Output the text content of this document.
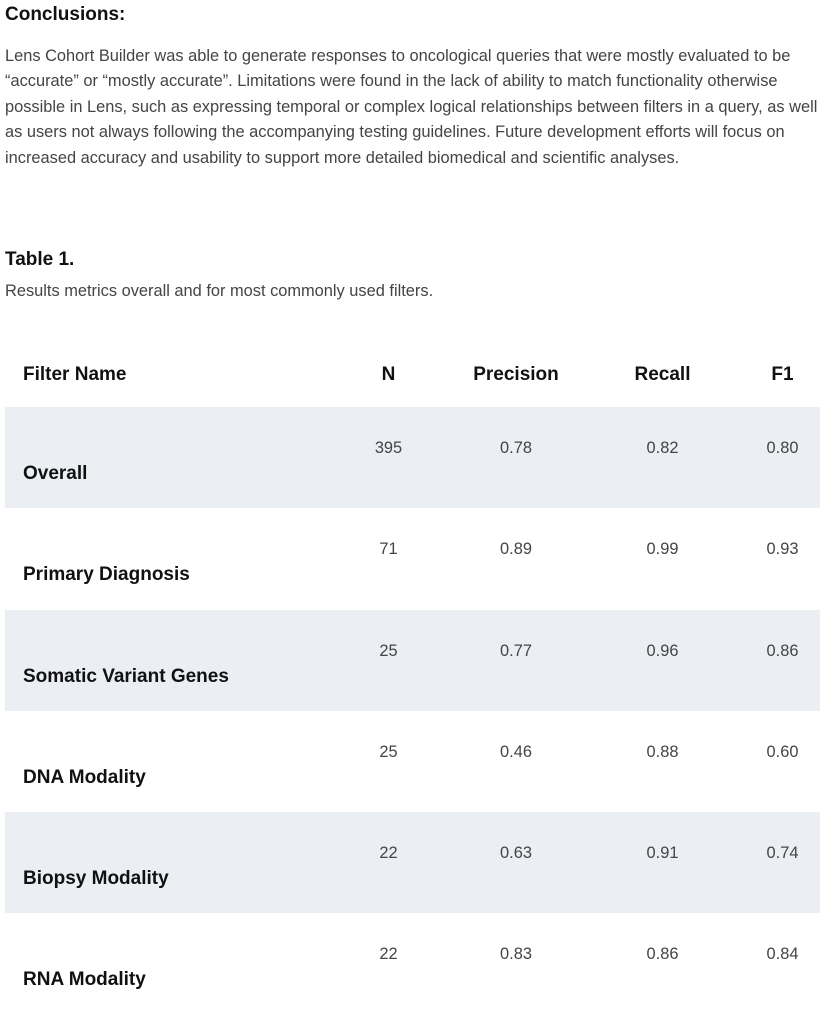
Conclusions:

Lens Cohort Builder was able to generate responses to oncological queries that were mostly evaluated to be “accurate” or “mostly accurate”. Limitations were found in the lack of ability to match functionality otherwise possible in Lens, such as expressing temporal or complex logical relationships between filters in a query, as well as users not always following the accompanying testing guidelines. Future development efforts will focus on increased accuracy and usability to support more detailed biomedical and scientific analyses.

Table 1.

Results metrics overall and for most commonly used filters.

Filter Name	N	Precision	Recall	F1
Overall	395	0.78	0.82	0.80
Primary Diagnosis	71	0.89	0.99	0.93
Somatic Variant Genes	25	0.77	0.96	0.86
DNA Modality	25	0.46	0.88	0.60
Biopsy Modality	22	0.63	0.91	0.74
RNA Modality	22	0.83	0.86	0.84
